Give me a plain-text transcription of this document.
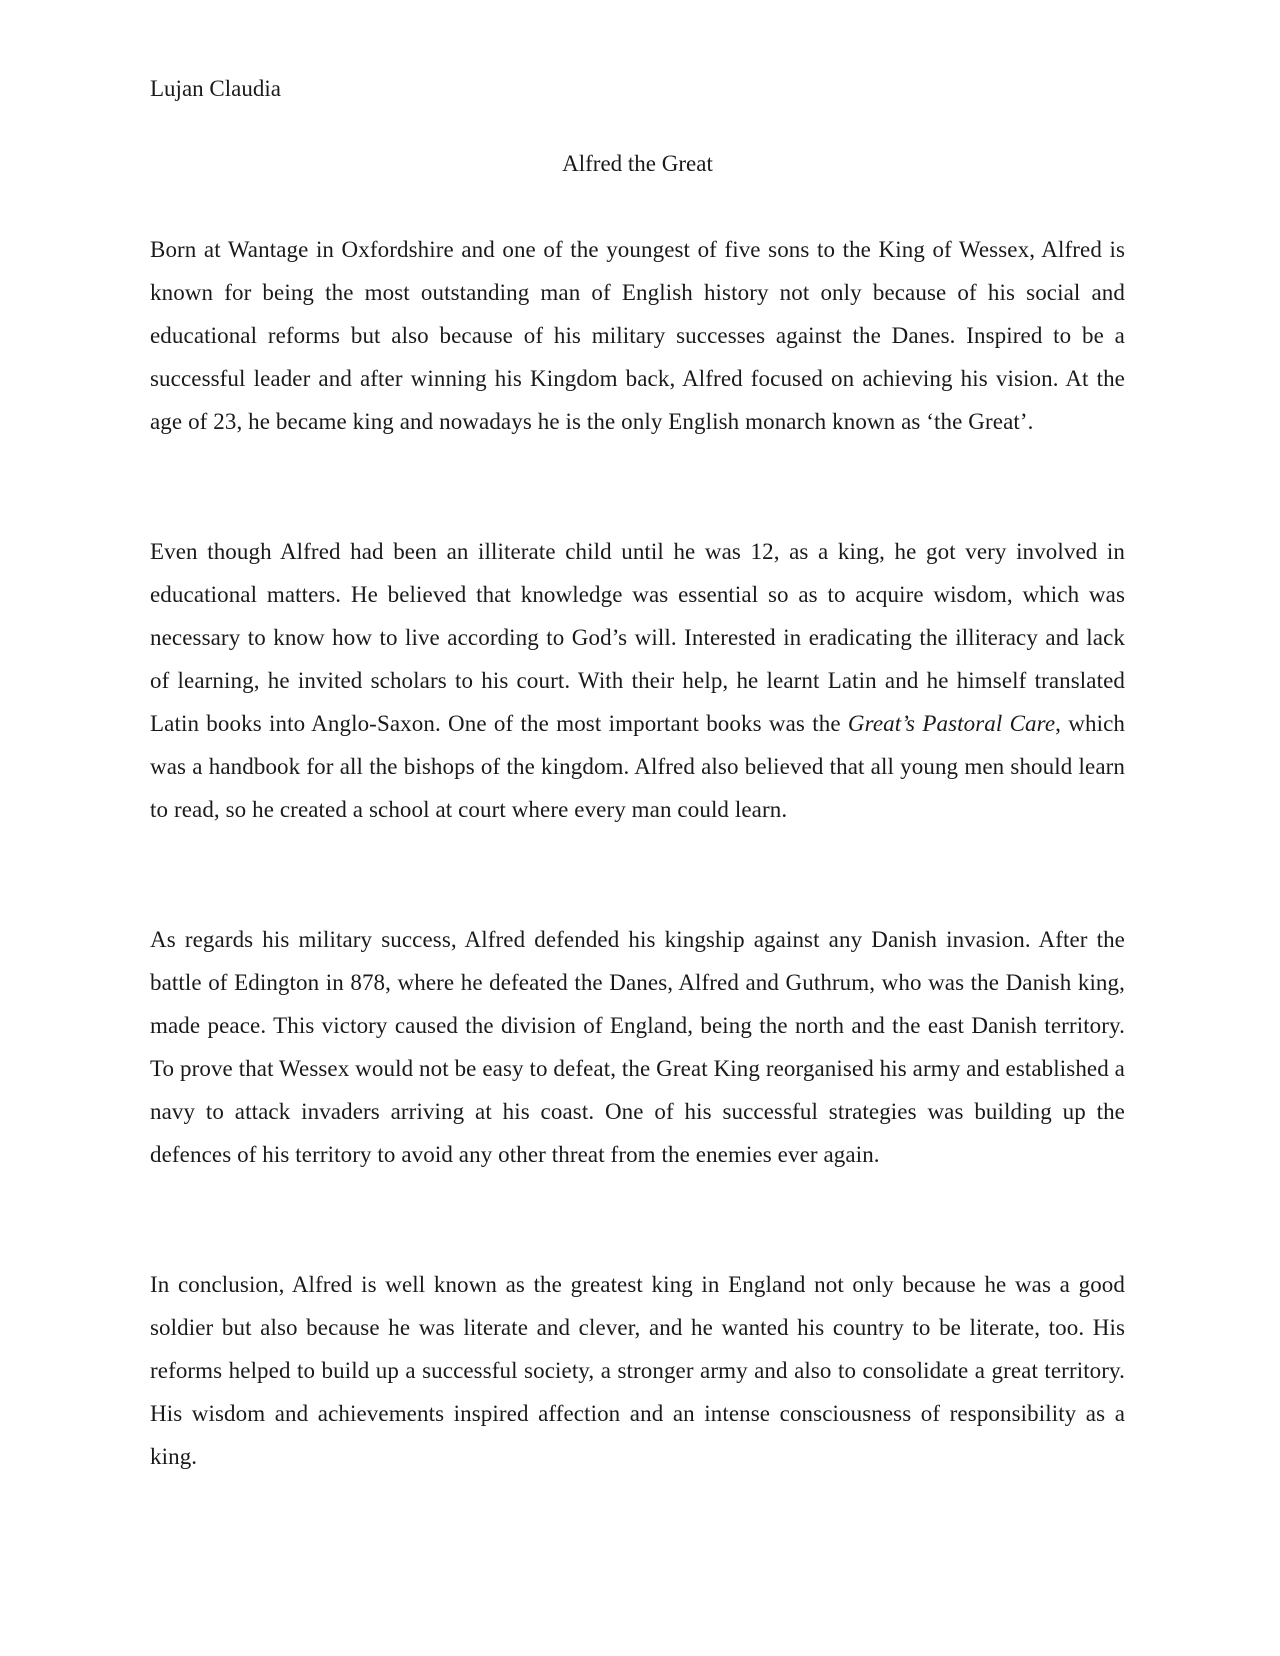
Lujan Claudia

Alfred the Great

Born at Wantage in Oxfordshire and one of the youngest of five sons to the King of Wessex, Alfred is known for being the most outstanding man of English history not only because of his social and educational reforms but also because of his military successes against the Danes. Inspired to be a successful leader and after winning his Kingdom back, Alfred focused on achieving his vision. At the age of 23, he became king and nowadays he is the only English monarch known as ‘the Great’.

Even though Alfred had been an illiterate child until he was 12, as a king, he got very involved in educational matters. He believed that knowledge was essential so as to acquire wisdom, which was necessary to know how to live according to God’s will. Interested in eradicating the illiteracy and lack of learning, he invited scholars to his court. With their help, he learnt Latin and he himself translated Latin books into Anglo-Saxon. One of the most important books was the Great’s Pastoral Care, which was a handbook for all the bishops of the kingdom. Alfred also believed that all young men should learn to read, so he created a school at court where every man could learn.

As regards his military success, Alfred defended his kingship against any Danish invasion. After the battle of Edington in 878, where he defeated the Danes, Alfred and Guthrum, who was the Danish king, made peace. This victory caused the division of England, being the north and the east Danish territory. To prove that Wessex would not be easy to defeat, the Great King reorganised his army and established a navy to attack invaders arriving at his coast. One of his successful strategies was building up the defences of his territory to avoid any other threat from the enemies ever again.

In conclusion, Alfred is well known as the greatest king in England not only because he was a good soldier but also because he was literate and clever, and he wanted his country to be literate, too. His reforms helped to build up a successful society, a stronger army and also to consolidate a great territory. His wisdom and achievements inspired affection and an intense consciousness of responsibility as a king.
